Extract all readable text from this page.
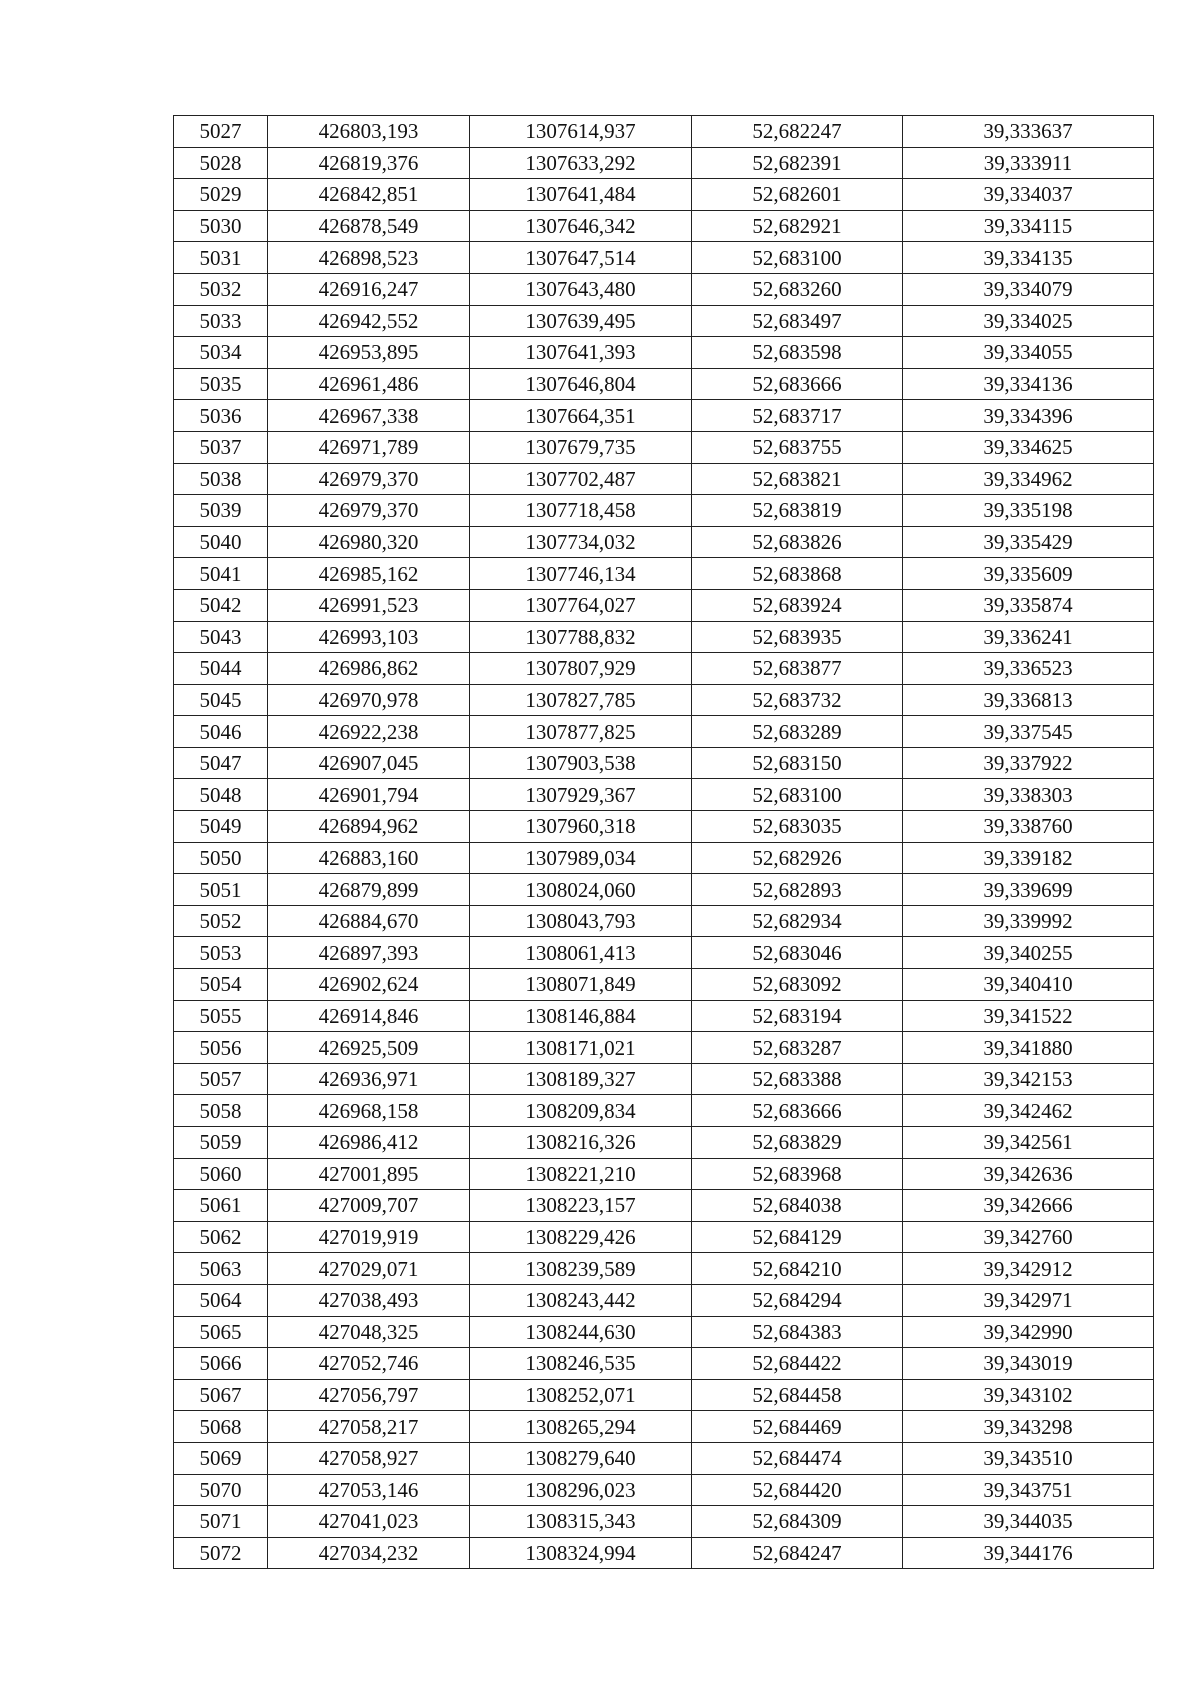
5027	426803,193	1307614,937	52,682247	39,333637
5028	426819,376	1307633,292	52,682391	39,333911
5029	426842,851	1307641,484	52,682601	39,334037
5030	426878,549	1307646,342	52,682921	39,334115
5031	426898,523	1307647,514	52,683100	39,334135
5032	426916,247	1307643,480	52,683260	39,334079
5033	426942,552	1307639,495	52,683497	39,334025
5034	426953,895	1307641,393	52,683598	39,334055
5035	426961,486	1307646,804	52,683666	39,334136
5036	426967,338	1307664,351	52,683717	39,334396
5037	426971,789	1307679,735	52,683755	39,334625
5038	426979,370	1307702,487	52,683821	39,334962
5039	426979,370	1307718,458	52,683819	39,335198
5040	426980,320	1307734,032	52,683826	39,335429
5041	426985,162	1307746,134	52,683868	39,335609
5042	426991,523	1307764,027	52,683924	39,335874
5043	426993,103	1307788,832	52,683935	39,336241
5044	426986,862	1307807,929	52,683877	39,336523
5045	426970,978	1307827,785	52,683732	39,336813
5046	426922,238	1307877,825	52,683289	39,337545
5047	426907,045	1307903,538	52,683150	39,337922
5048	426901,794	1307929,367	52,683100	39,338303
5049	426894,962	1307960,318	52,683035	39,338760
5050	426883,160	1307989,034	52,682926	39,339182
5051	426879,899	1308024,060	52,682893	39,339699
5052	426884,670	1308043,793	52,682934	39,339992
5053	426897,393	1308061,413	52,683046	39,340255
5054	426902,624	1308071,849	52,683092	39,340410
5055	426914,846	1308146,884	52,683194	39,341522
5056	426925,509	1308171,021	52,683287	39,341880
5057	426936,971	1308189,327	52,683388	39,342153
5058	426968,158	1308209,834	52,683666	39,342462
5059	426986,412	1308216,326	52,683829	39,342561
5060	427001,895	1308221,210	52,683968	39,342636
5061	427009,707	1308223,157	52,684038	39,342666
5062	427019,919	1308229,426	52,684129	39,342760
5063	427029,071	1308239,589	52,684210	39,342912
5064	427038,493	1308243,442	52,684294	39,342971
5065	427048,325	1308244,630	52,684383	39,342990
5066	427052,746	1308246,535	52,684422	39,343019
5067	427056,797	1308252,071	52,684458	39,343102
5068	427058,217	1308265,294	52,684469	39,343298
5069	427058,927	1308279,640	52,684474	39,343510
5070	427053,146	1308296,023	52,684420	39,343751
5071	427041,023	1308315,343	52,684309	39,344035
5072	427034,232	1308324,994	52,684247	39,344176
